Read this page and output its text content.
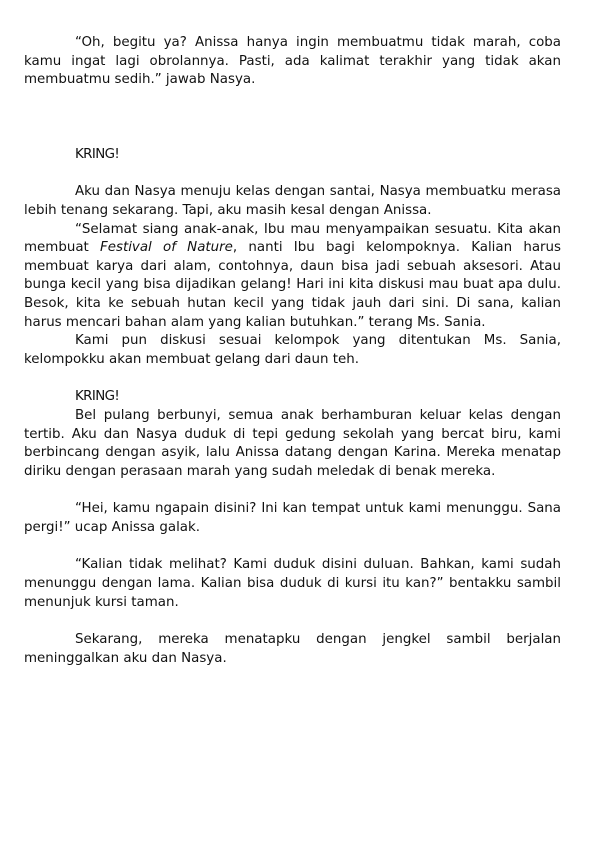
“Oh, begitu ya? Anissa hanya ingin membuatmu tidak marah, coba kamu ingat lagi obrolannya. Pasti, ada kalimat terakhir yang tidak akan membuatmu sedih.” jawab Nasya.

KRING!

Aku dan Nasya menuju kelas dengan santai, Nasya membuatku merasa lebih tenang sekarang. Tapi, aku masih kesal dengan Anissa.

“Selamat siang anak-anak, Ibu mau menyampaikan sesuatu. Kita akan membuat Festival of Nature, nanti Ibu bagi kelompoknya. Kalian harus membuat karya dari alam, contohnya, daun bisa jadi sebuah aksesori. Atau bunga kecil yang bisa dijadikan gelang! Hari ini kita diskusi mau buat apa dulu. Besok, kita ke sebuah hutan kecil yang tidak jauh dari sini. Di sana, kalian harus mencari bahan alam yang kalian butuhkan.” terang Ms. Sania.

Kami pun diskusi sesuai kelompok yang ditentukan Ms. Sania, kelompokku akan membuat gelang dari daun teh.

KRING!

Bel pulang berbunyi, semua anak berhamburan keluar kelas dengan tertib. Aku dan Nasya duduk di tepi gedung sekolah yang bercat biru, kami berbincang dengan asyik, lalu Anissa datang dengan Karina. Mereka menatap diriku dengan perasaan marah yang sudah meledak di benak mereka.

“Hei, kamu ngapain disini? Ini kan tempat untuk kami menunggu. Sana pergi!” ucap Anissa galak.

“Kalian tidak melihat? Kami duduk disini duluan. Bahkan, kami sudah menunggu dengan lama. Kalian bisa duduk di kursi itu kan?” bentakku sambil menunjuk kursi taman.

Sekarang, mereka menatapku dengan jengkel sambil berjalan meninggalkan aku dan Nasya.
